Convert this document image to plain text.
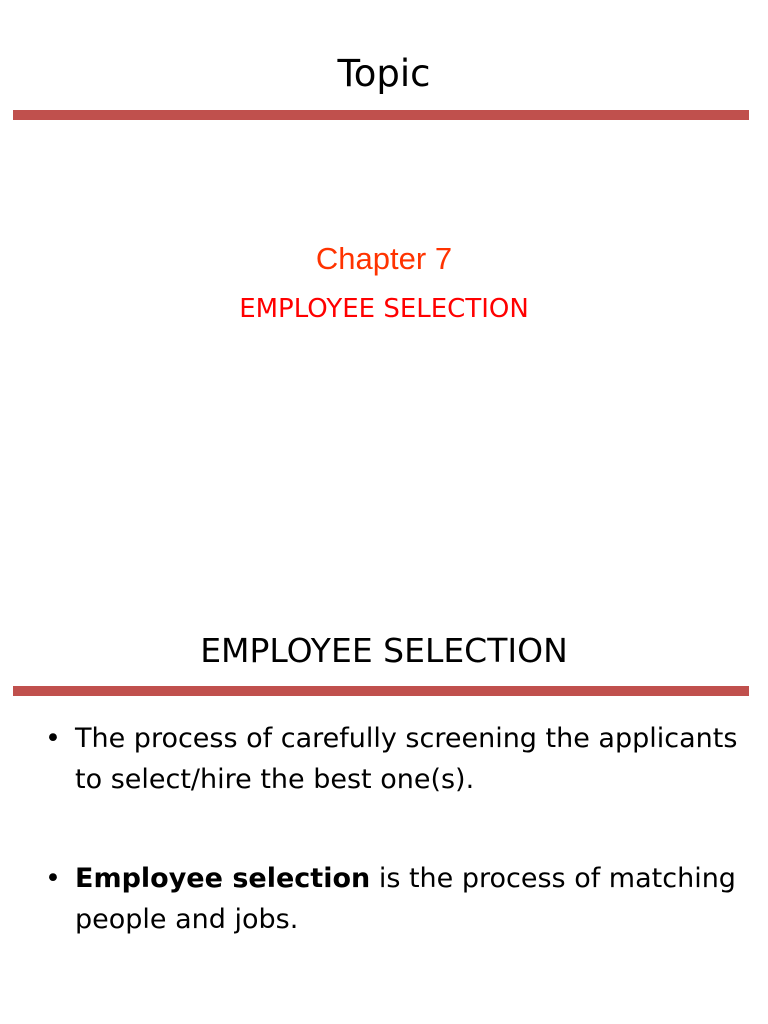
Topic
Chapter 7
EMPLOYEE SELECTION
EMPLOYEE SELECTION
• The process of carefully screening the applicants to select/hire the best one(s).
• Employee selection is the process of matching people and jobs.
